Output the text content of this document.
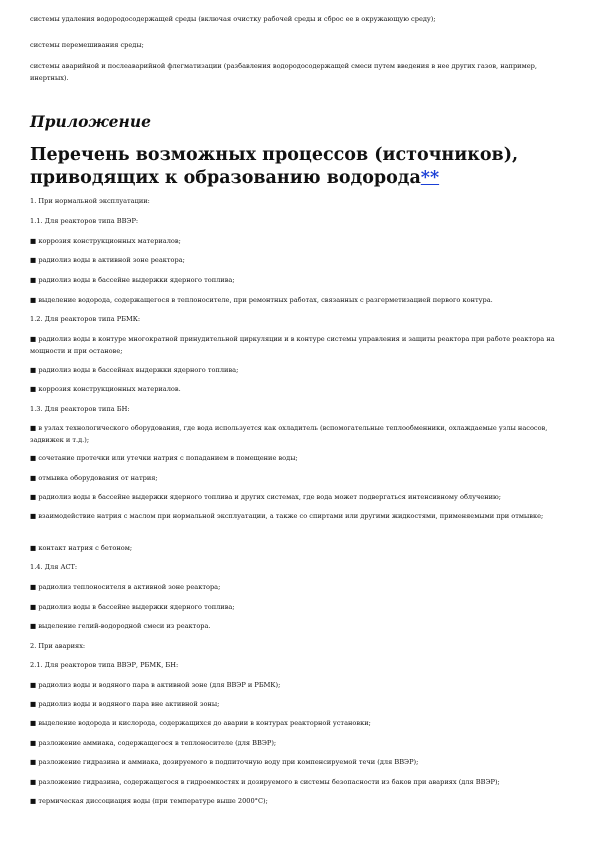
системы удаления водородосодержащей среды (включая очистку рабочей среды и сброс ее в окружающую среду);
системы перемешивания среды;
системы аварийной и послеаварийной флегматизации (разбавления водородосодержащей смеси путем введения в нее других газов, например, инертных).
Приложение
Перечень возможных процессов (источников), приводящих к образованию водорода**
1. При нормальной эксплуатации:
1.1. Для реакторов типа ВВЭР:
■ коррозия конструкционных материалов;
■ радиолиз воды в активной зоне реактора;
■ радиолиз воды в бассейне выдержки ядерного топлива;
■ выделение водорода, содержащегося в теплоносителе, при ремонтных работах, связанных с разгерметизацией первого контура.
1.2. Для реакторов типа РБМК:
■ радиолиз воды в контуре многократной принудительной циркуляции и в контуре системы управления и защиты реактора при работе реактора на мощности и при останове;
■ радиолиз воды в бассейнах выдержки ядерного топлива;
■ коррозия конструкционных материалов.
1.3. Для реакторов типа БН:
■ в узлах технологического оборудования, где вода используется как охладитель (вспомогательные теплообменники, охлаждаемые узлы насосов, задвижек и т.д.);
■ сочетание протечки или утечки натрия с попаданием в помещение воды;
■ отмывка оборудования от натрия;
■ радиолиз воды в бассейне выдержки ядерного топлива и других системах, где вода может подвергаться интенсивному облучению;
■ взаимодействие натрия с маслом при нормальной эксплуатации, а также со спиртами или другими жидкостями, применяемыми при отмывке;
■ контакт натрия с бетоном;
1.4. Для АСТ:
■ радиолиз теплоносителя в активной зоне реактора;
■ радиолиз воды в бассейне выдержки ядерного топлива;
■ выделение гелий-водородной смеси из реактора.
2. При авариях:
2.1. Для реакторов типа ВВЭР, РБМК, БН:
■ радиолиз воды и водяного пара в активной зоне (для ВВЭР и РБМК);
■ радиолиз воды и водяного пара вне активной зоны;
■ выделение водорода и кислорода, содержащихся до аварии в контурах реакторной установки;
■ разложение аммиака, содержащегося в теплоносителе (для ВВЭР);
■ разложение гидразина и аммиака, дозируемого в подпиточную воду при компенсируемой течи (для ВВЭР);
■ разложение гидразина, содержащегося в гидроемкостях и дозируемого в системы безопасности из баков при авариях (для ВВЭР);
■ термическая диссоциация воды (при температуре выше 2000°С);
